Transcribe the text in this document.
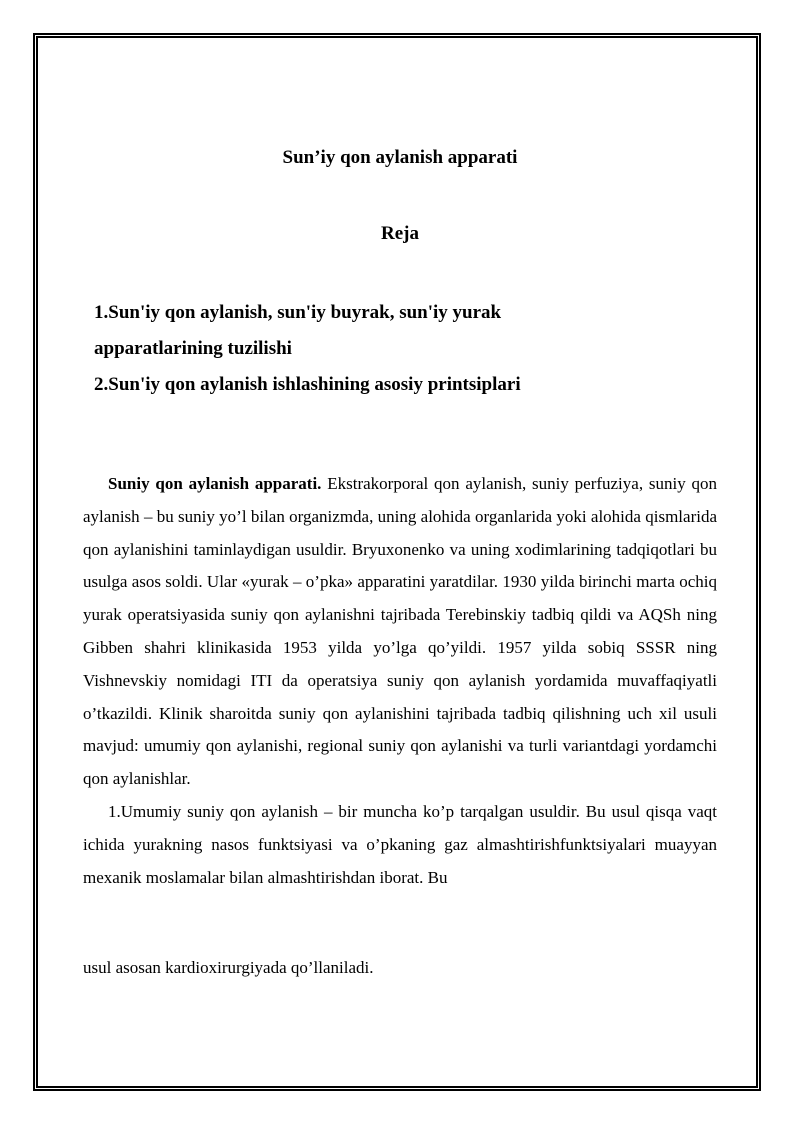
Sun’iy qon aylanish apparati
Reja
1.Sun'iy qon aylanish, sun'iy buyrak, sun'iy yurak
apparatlarining tuzilishi
2.Sun'iy qon aylanish ishlashining asosiy printsiplari

Suniy qon aylanish apparati. Ekstrakorporal qon aylanish, suniy perfuziya, suniy qon aylanish – bu suniy yo’l bilan organizmda, uning alohida organlarida yoki alohida qismlarida qon aylanishini taminlaydigan usuldir. Bryuxonenko va uning xodimlarining tadqiqotlari bu usulga asos soldi. Ular «yurak – o’pka» apparatini yaratdilar. 1930 yilda birinchi marta ochiq yurak operatsiyasida suniy qon aylanishni tajribada Terebinskiy tadbiq qildi va AQSh ning Gibben shahri klinikasida 1953 yilda yo’lga qo’yildi. 1957 yilda sobiq SSSR ning Vishnevskiy nomidagi ITI da operatsiya suniy qon aylanish yordamida muvaffaqiyatli o’tkazildi. Klinik sharoitda suniy qon aylanishini tajribada tadbiq qilishning uch xil usuli mavjud: umumiy qon aylanishi, regional suniy qon aylanishi va turli variantdagi yordamchi qon aylanishlar.

1.Umumiy suniy qon aylanish – bir muncha ko’p tarqalgan usuldir. Bu usul qisqa vaqt ichida yurakning nasos funktsiyasi va o’pkaning gaz almashtirishfunktsiyalari muayyan mexanik moslamalar bilan almashtirishdan iborat. Bu

usul asosan kardioxirurgiyada qo’llaniladi.
